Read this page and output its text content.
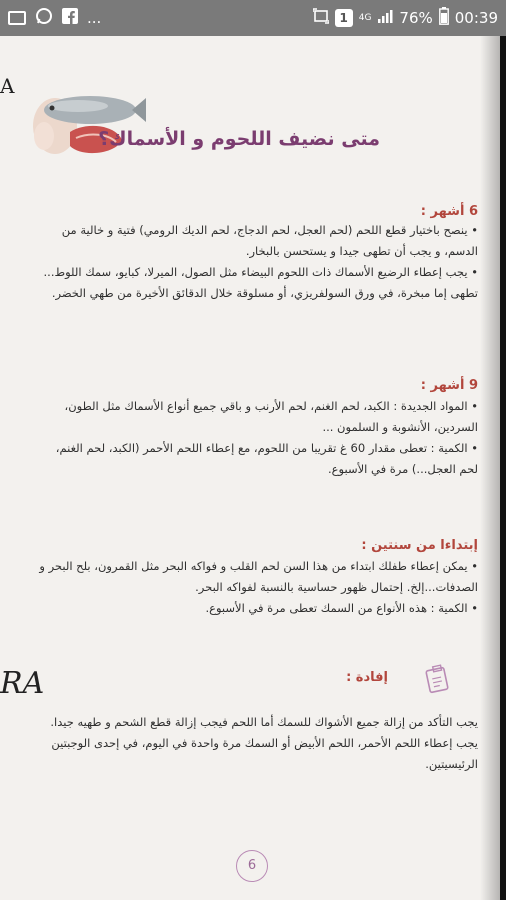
...	1	4G 76% 00:39
A
متى نضيف اللحوم و الأسماك؟
6 أشهر :

• ينصح باختيار قطع اللحم (لحم العجل، لحم الدجاج، لحم الديك الرومي) فتية و خالية من الدسم، و يجب أن تطهى جيدا و يستحسن بالبخار.

• يجب إعطاء الرضيع الأسماك ذات اللحوم البيضاء مثل الصول، الميرلا، كبايو، سمك اللوط... تطهى إما مبخرة، في ورق السولفريزي، أو مسلوقة خلال الدقائق الأخيرة من طهي الخضر.

9 أشهر :

• المواد الجديدة : الكبد، لحم الغنم، لحم الأرنب و باقي جميع أنواع الأسماك مثل الطون، السردين، الأنشوبة و السلمون ...

• الكمية : تعطى مقدار 60 غ تقريبا من اللحوم، مع إعطاء اللحم الأحمر (الكبد، لحم الغنم، لحم العجل...) مرة في الأسبوع.

إبتداءا من سنتين :

• يمكن إعطاء طفلك ابتداء من هذا السن لحم القلب و فواكه البحر مثل القمرون، بلح البحر و الصدفات...إلخ. إحتمال ظهور حساسية بالنسبة لفواكه البحر.

• الكمية : هذه الأنواع من السمك تعطى مرة في الأسبوع.

RA	إفادة :

يجب التأكد من إزالة جميع الأشواك للسمك أما اللحم فيجب إزالة قطع الشحم و طهيه جيدا.

يجب إعطاء اللحم الأحمر، اللحم الأبيض أو السمك مرة واحدة في اليوم، في إحدى الوجبتين الرئيسيتين.

6
